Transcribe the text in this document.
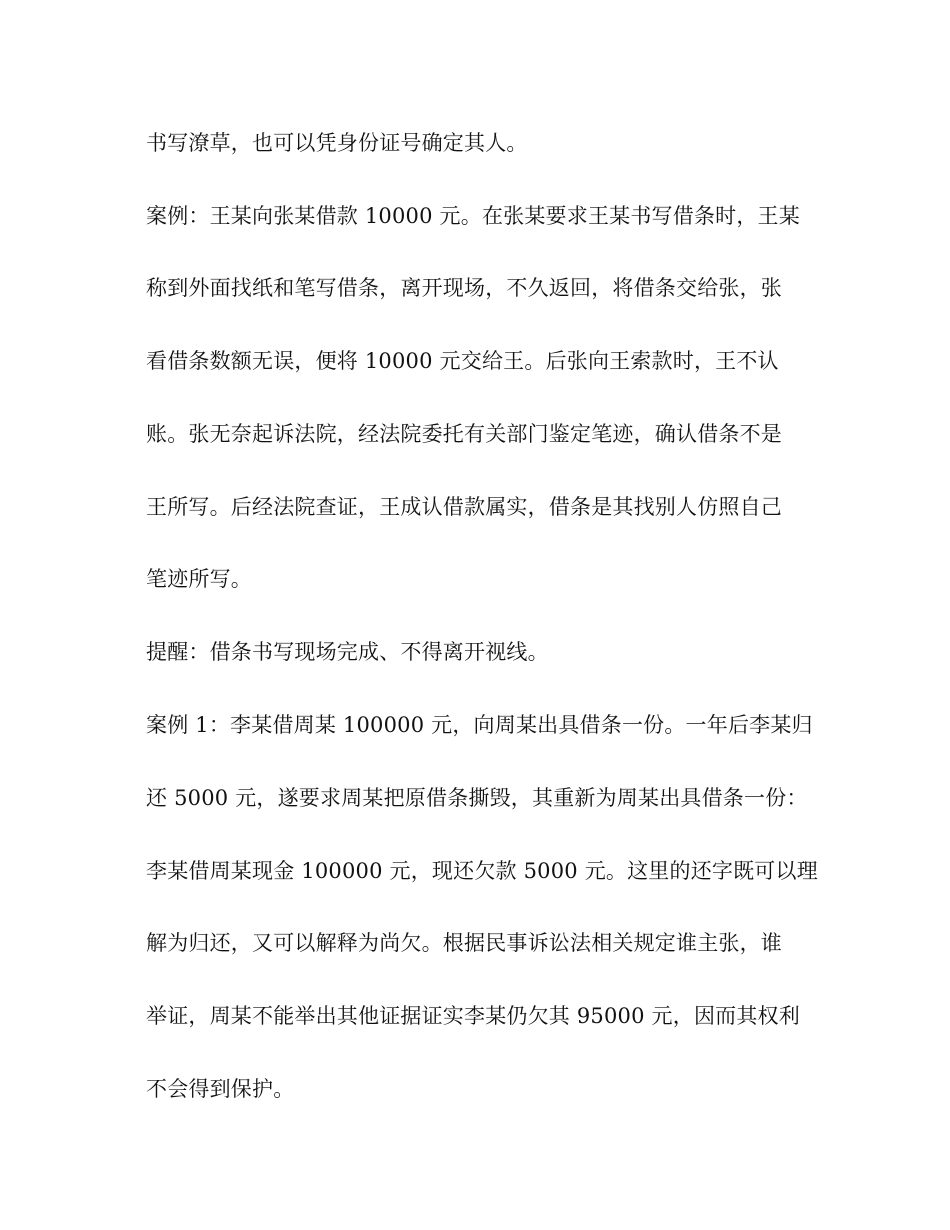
书写潦草，也可以凭身份证号确定其人。
案例：王某向张某借款 10000 元。在张某要求王某书写借条时，王某
称到外面找纸和笔写借条，离开现场，不久返回，将借条交给张，张
看借条数额无误，便将 10000 元交给王。后张向王索款时，王不认
账。张无奈起诉法院，经法院委托有关部门鉴定笔迹，确认借条不是
王所写。后经法院查证，王成认借款属实，借条是其找别人仿照自己
笔迹所写。
提醒：借条书写现场完成、不得离开视线。
案例 1：李某借周某 100000 元，向周某出具借条一份。一年后李某归
还 5000 元，遂要求周某把原借条撕毁，其重新为周某出具借条一份：
李某借周某现金 100000 元，现还欠款 5000 元。这里的还字既可以理
解为归还，又可以解释为尚欠。根据民事诉讼法相关规定谁主张，谁
举证，周某不能举出其他证据证实李某仍欠其 95000 元，因而其权利
不会得到保护。
